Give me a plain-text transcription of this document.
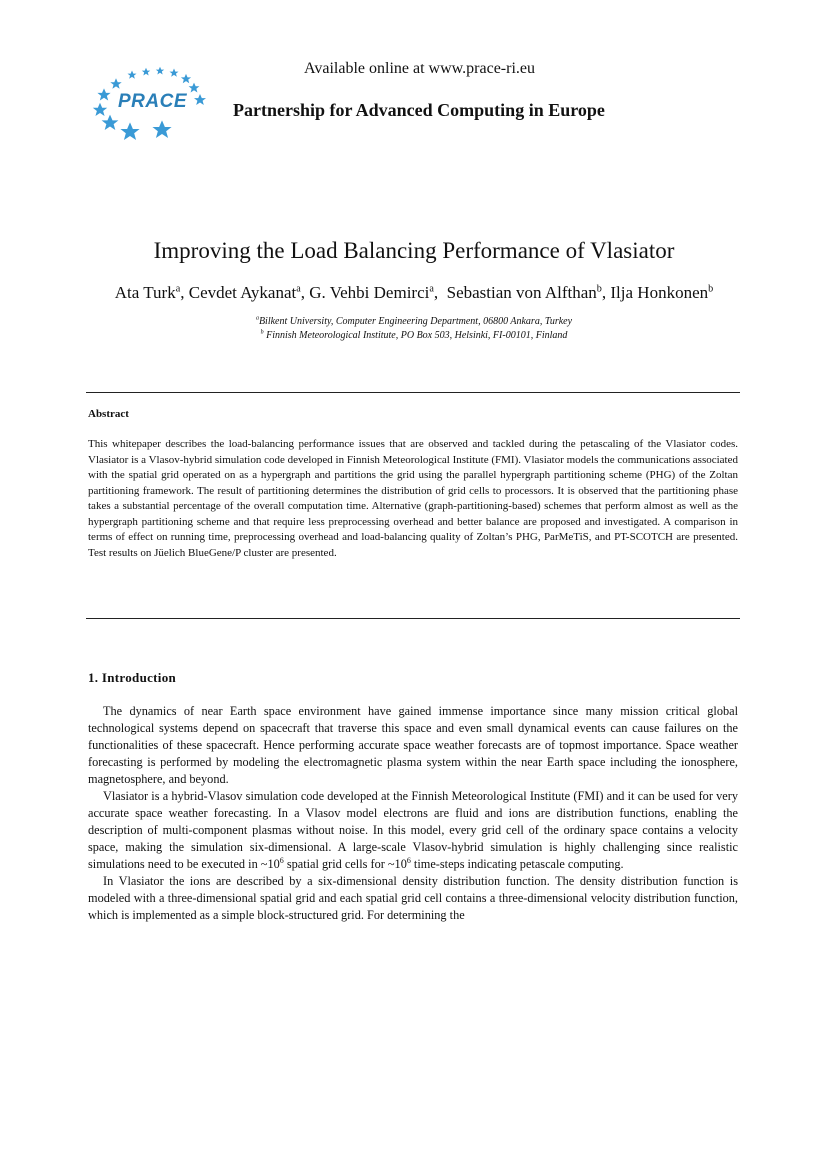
PRACE
Available online at www.prace-ri.eu
Partnership for Advanced Computing in Europe
Improving the Load Balancing Performance of Vlasiator
Ata Turk$^a$, Cevdet Aykanat$^a$, G. Vehbi Demirci$^a$,  Sebastian von Alfthan$^b$, Ilja Honkonen$^b$
$^a$Bilkent University, Computer Engineering Department, 06800 Ankara, Turkey
$^b$ Finnish Meteorological Institute, PO Box 503, Helsinki, FI-00101, Finland
Abstract
This whitepaper describes the load-balancing performance issues that are observed and tackled during the petascaling of the Vlasiator codes. Vlasiator is a Vlasov-hybrid simulation code developed in Finnish Meteorological Institute (FMI). Vlasiator models the communications associated with the spatial grid operated on as a hypergraph and partitions the grid using the parallel hypergraph partitioning scheme (PHG) of the Zoltan partitioning framework. The result of partitioning determines the distribution of grid cells to processors. It is observed that the partitioning phase takes a substantial percentage of the overall computation time. Alternative (graph-partitioning-based) schemes that perform almost as well as the hypergraph partitioning scheme and that require less preprocessing overhead and better balance are proposed and investigated. A comparison in terms of effect on running time, preprocessing overhead and load-balancing quality of Zoltan’s PHG, ParMeTiS, and PT-SCOTCH are presented. Test results on Jüelich BlueGene/P cluster are presented.
1. Introduction

The dynamics of near Earth space environment have gained immense importance since many mission critical global technological systems depend on spacecraft that traverse this space and even small dynamical events can cause failures on the functionalities of these spacecraft. Hence performing accurate space weather forecasts are of topmost importance. Space weather forecasting is performed by modeling the electromagnetic plasma system within the near Earth space including the ionosphere, magnetosphere, and beyond.

Vlasiator is a hybrid-Vlasov simulation code developed at the Finnish Meteorological Institute (FMI) and it can be used for very accurate space weather forecasting. In a Vlasov model electrons are fluid and ions are distribution functions, enabling the description of multi-component plasmas without noise. In this model, every grid cell of the ordinary space contains a velocity space, making the simulation six-dimensional. A large-scale Vlasov-hybrid simulation is highly challenging since realistic simulations need to be executed in $\sim 10^6$ spatial grid cells for $\sim 10^6$ time-steps indicating petascale computing.

In Vlasiator the ions are described by a six-dimensional density distribution function. The density distribution function is modeled with a three-dimensional spatial grid and each spatial grid cell contains a three-dimensional velocity distribution function, which is implemented as a simple block-structured grid. For determining the
